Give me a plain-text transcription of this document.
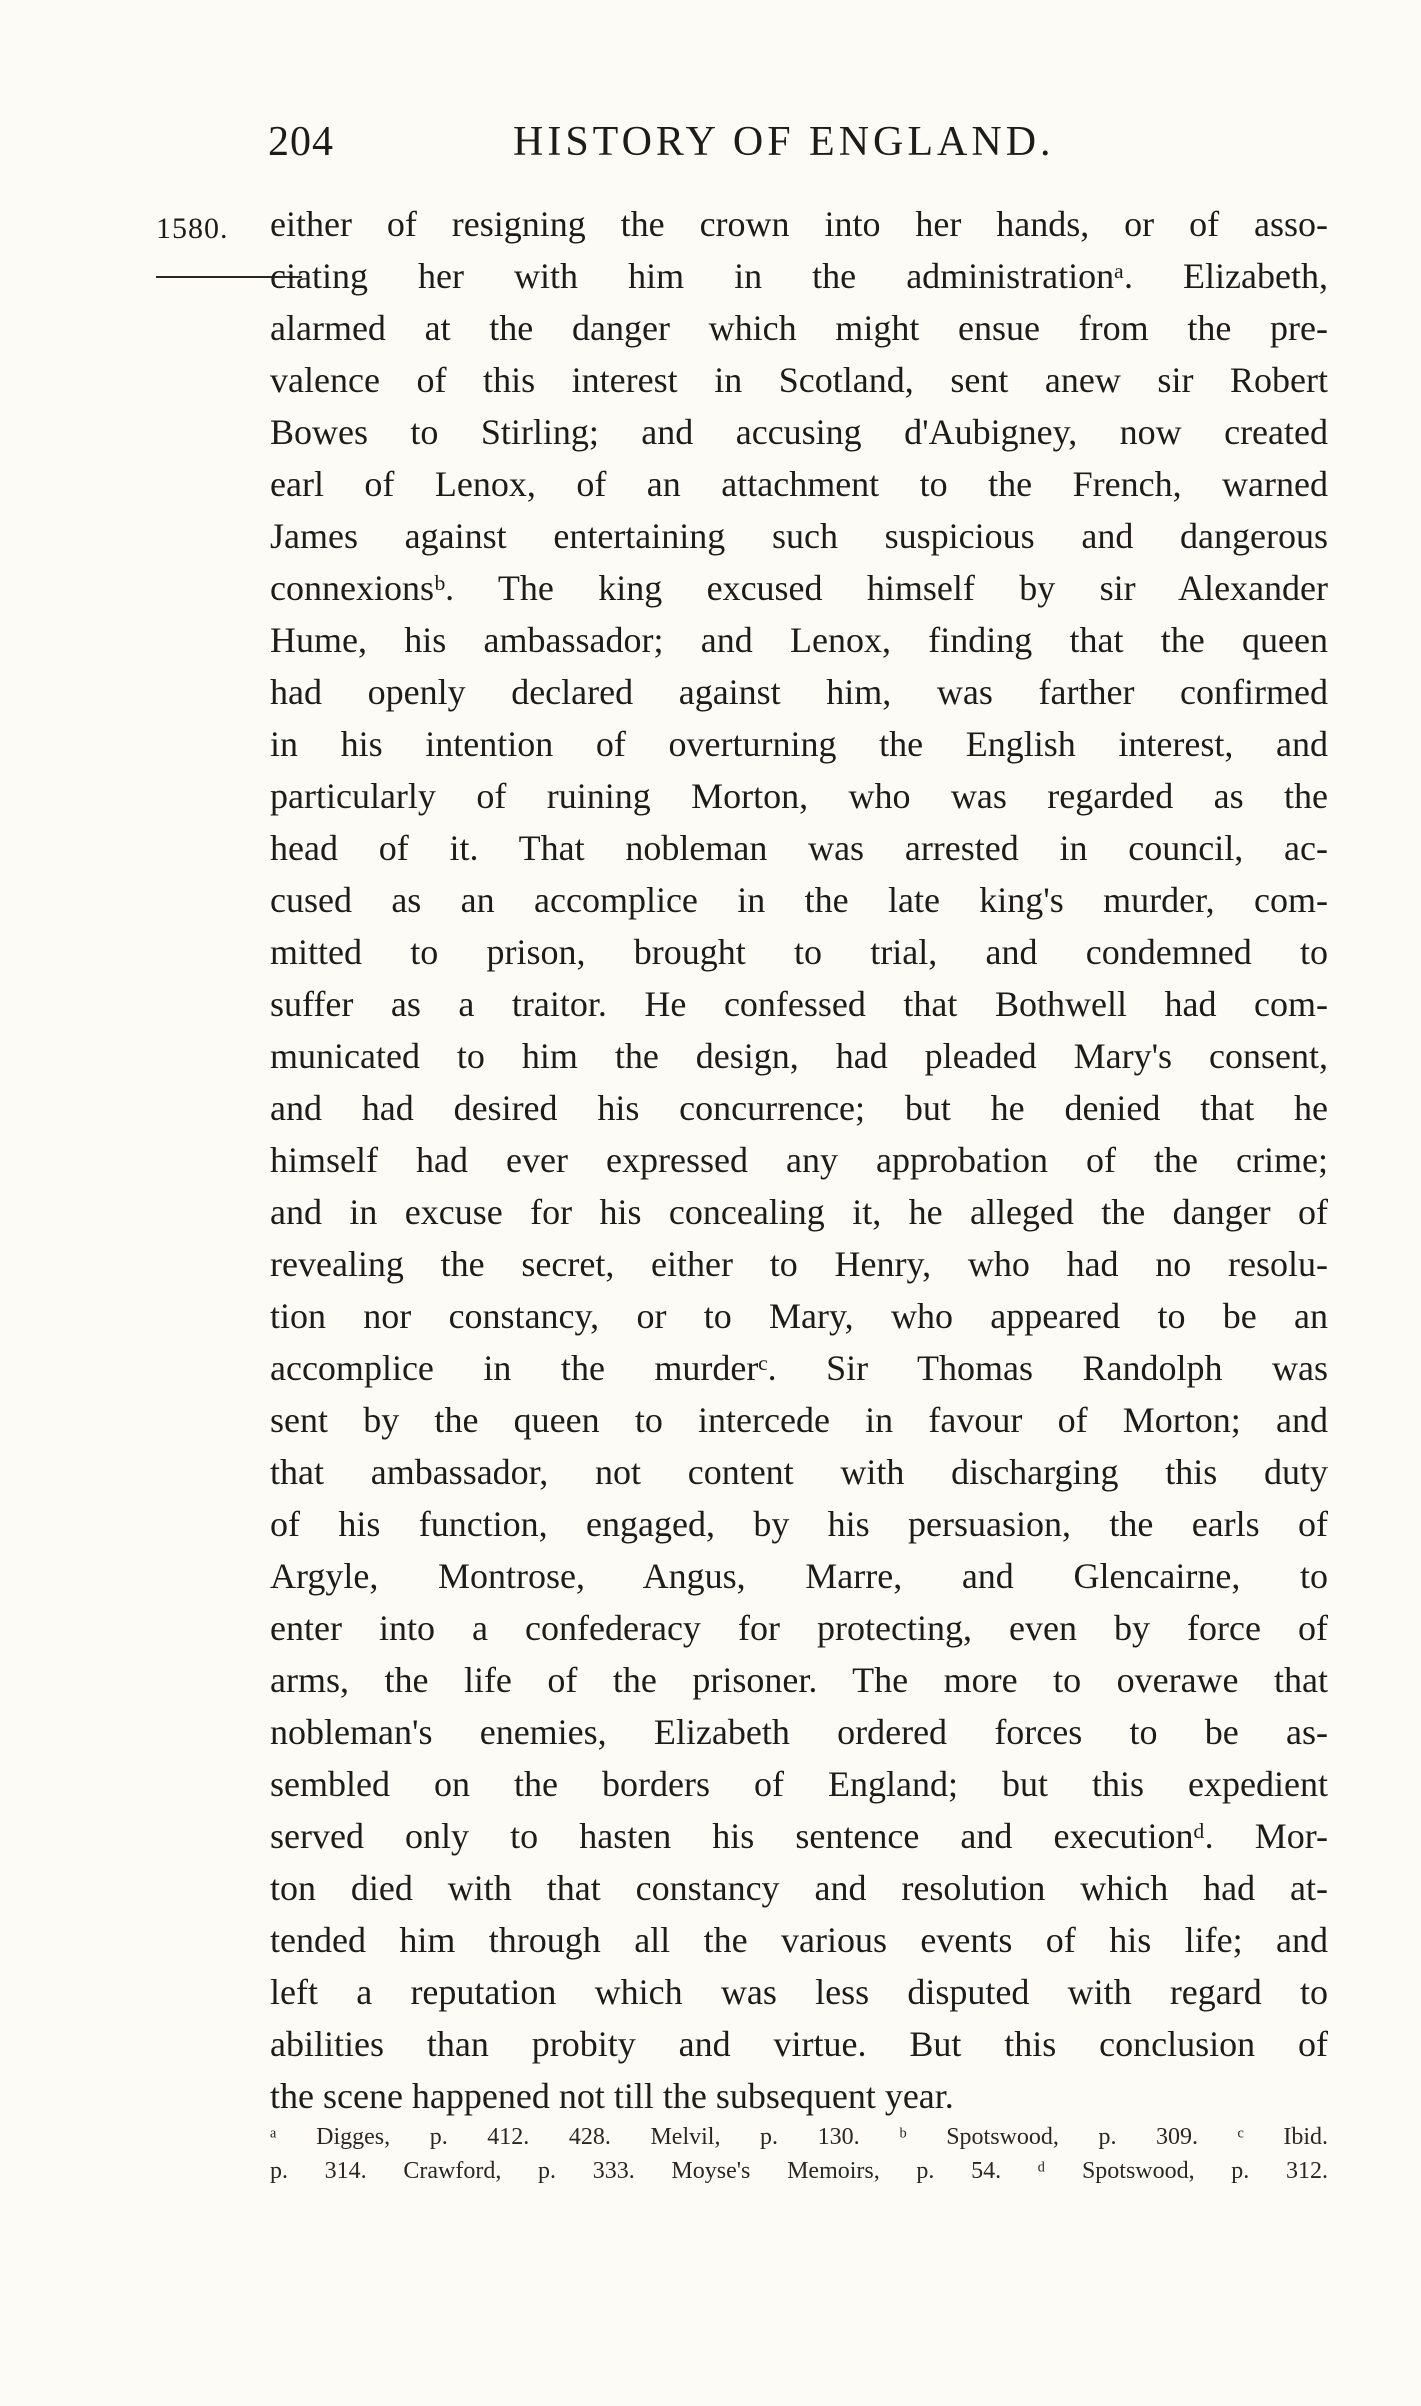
204	HISTORY OF ENGLAND.
1580. either of resigning the crown into her hands, or of asso-
ciating her with him in the administrationᵃ. Elizabeth,
alarmed at the danger which might ensue from the pre-
valence of this interest in Scotland, sent anew sir Robert
Bowes to Stirling; and accusing d'Aubigney, now created
earl of Lenox, of an attachment to the French, warned
James against entertaining such suspicious and dangerous
connexionsᵇ. The king excused himself by sir Alexander
Hume, his ambassador; and Lenox, finding that the queen
had openly declared against him, was farther confirmed
in his intention of overturning the English interest, and
particularly of ruining Morton, who was regarded as the
head of it. That nobleman was arrested in council, ac-
cused as an accomplice in the late king's murder, com-
mitted to prison, brought to trial, and condemned to
suffer as a traitor. He confessed that Bothwell had com-
municated to him the design, had pleaded Mary's consent,
and had desired his concurrence; but he denied that he
himself had ever expressed any approbation of the crime;
and in excuse for his concealing it, he alleged the danger of
revealing the secret, either to Henry, who had no resolu-
tion nor constancy, or to Mary, who appeared to be an
accomplice in the murderᶜ. Sir Thomas Randolph was
sent by the queen to intercede in favour of Morton; and
that ambassador, not content with discharging this duty
of his function, engaged, by his persuasion, the earls of
Argyle, Montrose, Angus, Marre, and Glencairne, to
enter into a confederacy for protecting, even by force of
arms, the life of the prisoner. The more to overawe that
nobleman's enemies, Elizabeth ordered forces to be as-
sembled on the borders of England; but this expedient
served only to hasten his sentence and executionᵈ. Mor-
ton died with that constancy and resolution which had at-
tended him through all the various events of his life; and
left a reputation which was less disputed with regard to
abilities than probity and virtue. But this conclusion of
the scene happened not till the subsequent year.
ᵃ Digges, p. 412. 428. Melvil, p. 130. ᵇ Spotswood, p. 309. ᶜ Ibid.
p. 314. Crawford, p. 333. Moyse's Memoirs, p. 54. ᵈ Spotswood, p. 312.
